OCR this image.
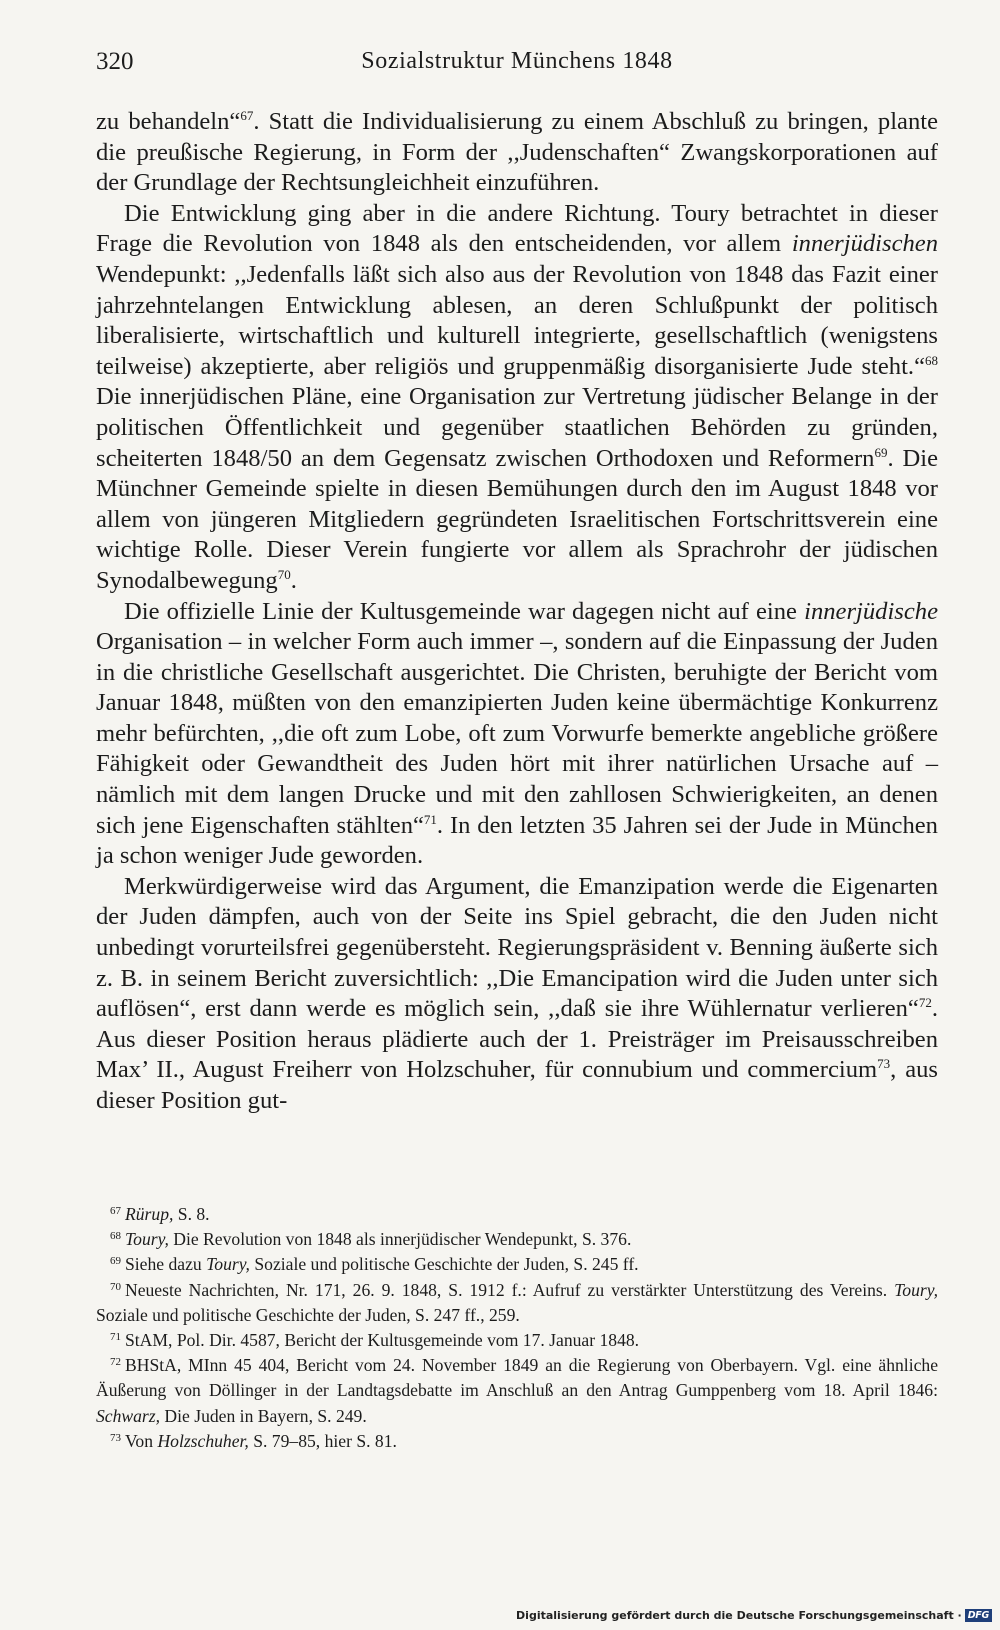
320	Sozialstruktur Münchens 1848

zu behandeln“$^{67}$. Statt die Individualisierung zu einem Abschluß zu bringen, plante die preußische Regierung, in Form der ,,Judenschaften“ Zwangskorporationen auf der Grundlage der Rechtsungleichheit einzuführen.

Die Entwicklung ging aber in die andere Richtung. Toury betrachtet in dieser Frage die Revolution von 1848 als den entscheidenden, vor allem innerjüdischen Wendepunkt: ,,Jedenfalls läßt sich also aus der Revolution von 1848 das Fazit einer jahrzehntelangen Entwicklung ablesen, an deren Schlußpunkt der politisch liberalisierte, wirtschaftlich und kulturell integrierte, gesellschaftlich (wenigstens teilweise) akzeptierte, aber religiös und gruppenmäßig disorganisierte Jude steht.“$^{68}$ Die innerjüdischen Pläne, eine Organisation zur Vertretung jüdischer Belange in der politischen Öffentlichkeit und gegenüber staatlichen Behörden zu gründen, scheiterten 1848/50 an dem Gegensatz zwischen Orthodoxen und Reformern$^{69}$. Die Münchner Gemeinde spielte in diesen Bemühungen durch den im August 1848 vor allem von jüngeren Mitgliedern gegründeten Israelitischen Fortschrittsverein eine wichtige Rolle. Dieser Verein fungierte vor allem als Sprachrohr der jüdischen Synodalbewegung$^{70}$.

Die offizielle Linie der Kultusgemeinde war dagegen nicht auf eine innerjüdische Organisation – in welcher Form auch immer –, sondern auf die Einpassung der Juden in die christliche Gesellschaft ausgerichtet. Die Christen, beruhigte der Bericht vom Januar 1848, müßten von den emanzipierten Juden keine übermächtige Konkurrenz mehr befürchten, ,,die oft zum Lobe, oft zum Vorwurfe bemerkte angebliche größere Fähigkeit oder Gewandtheit des Juden hört mit ihrer natürlichen Ursache auf – nämlich mit dem langen Drucke und mit den zahllosen Schwierigkeiten, an denen sich jene Eigenschaften stählten“$^{71}$. In den letzten 35 Jahren sei der Jude in München ja schon weniger Jude geworden.

Merkwürdigerweise wird das Argument, die Emanzipation werde die Eigenarten der Juden dämpfen, auch von der Seite ins Spiel gebracht, die den Juden nicht unbedingt vorurteilsfrei gegenübersteht. Regierungspräsident v. Benning äußerte sich z. B. in seinem Bericht zuversichtlich: ,,Die Emancipation wird die Juden unter sich auflösen“, erst dann werde es möglich sein, ,,daß sie ihre Wühlernatur verlieren“$^{72}$. Aus dieser Position heraus plädierte auch der 1. Preisträger im Preisausschreiben Max’ II., August Freiherr von Holzschuher, für connubium und commercium$^{73}$, aus dieser Position gut-

$^{67}$ Rürup, S. 8.

$^{68}$ Toury, Die Revolution von 1848 als innerjüdischer Wendepunkt, S. 376.

$^{69}$ Siehe dazu Toury, Soziale und politische Geschichte der Juden, S. 245 ff.

$^{70}$ Neueste Nachrichten, Nr. 171, 26. 9. 1848, S. 1912 f.: Aufruf zu verstärkter Unterstützung des Vereins. Toury, Soziale und politische Geschichte der Juden, S. 247 ff., 259.

$^{71}$ StAM, Pol. Dir. 4587, Bericht der Kultusgemeinde vom 17. Januar 1848.

$^{72}$ BHStA, MInn 45 404, Bericht vom 24. November 1849 an die Regierung von Oberbayern. Vgl. eine ähnliche Äußerung von Döllinger in der Landtagsdebatte im Anschluß an den Antrag Gumppenberg vom 18. April 1846: Schwarz, Die Juden in Bayern, S. 249.

$^{73}$ Von Holzschuher, S. 79–85, hier S. 81.

Digitalisierung gefördert durch die Deutsche Forschungsgemeinschaft · DFG
